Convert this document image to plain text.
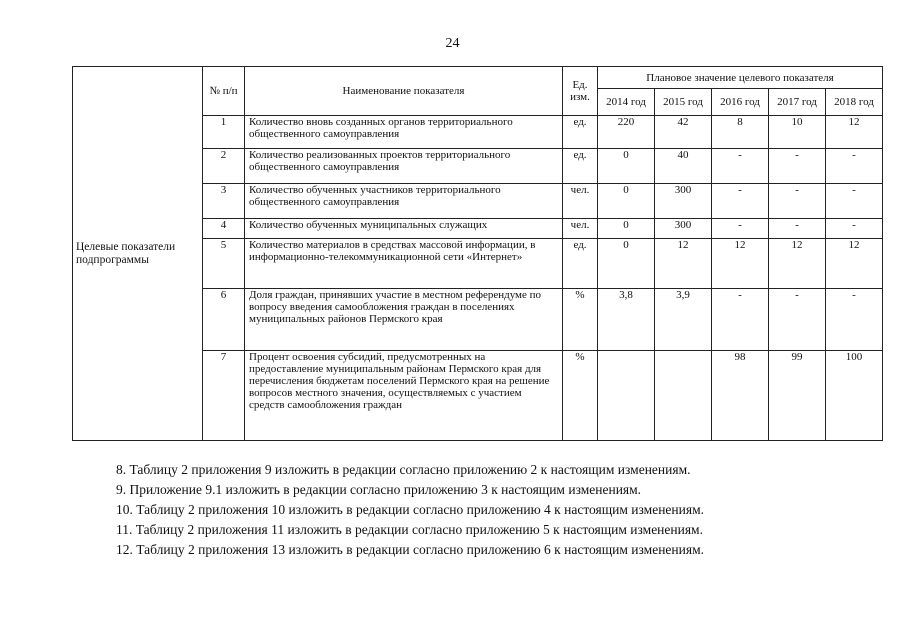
24
Целевые показатели подпрограммы	№ п/п	Наименование показателя	Ед. изм.	Плановое значение целевого показателя				
				2014 год	2015 год	2016 год	2017 год	2018 год
	1	Количество вновь созданных органов территориального общественного самоуправления	ед.	220	42	8	10	12
	2	Количество реализованных проектов территориального общественного самоуправления	ед.	0	40	-	-	-
	3	Количество обученных участников территориального общественного самоуправления	чел.	0	300	-	-	-
	4	Количество обученных муниципальных служащих	чел.	0	300	-	-	-
	5	Количество материалов в средствах массовой информации, в информационно-телекоммуникационной сети «Интернет»	ед.	0	12	12	12	12
	6	Доля граждан, принявших участие в местном референдуме по вопросу введения самообложения граждан в поселениях муниципальных районов Пермского края	%	3,8	3,9	-	-	-
	7	Процент освоения субсидий, предусмотренных на предоставление муниципальным районам Пермского края для перечисления бюджетам поселений Пермского края на решение вопросов местного значения, осуществляемых с участием средств самообложения граждан	%			98	99	100
8. Таблицу 2 приложения 9 изложить в редакции согласно приложению 2 к настоящим изменениям.
9. Приложение 9.1 изложить в редакции согласно приложению 3 к настоящим изменениям.
10. Таблицу 2 приложения 10 изложить в редакции согласно приложению 4 к настоящим изменениям.
11. Таблицу 2 приложения 11 изложить в редакции согласно приложению 5 к настоящим изменениям.
12. Таблицу 2 приложения 13 изложить в редакции согласно приложению 6 к настоящим изменениям.
